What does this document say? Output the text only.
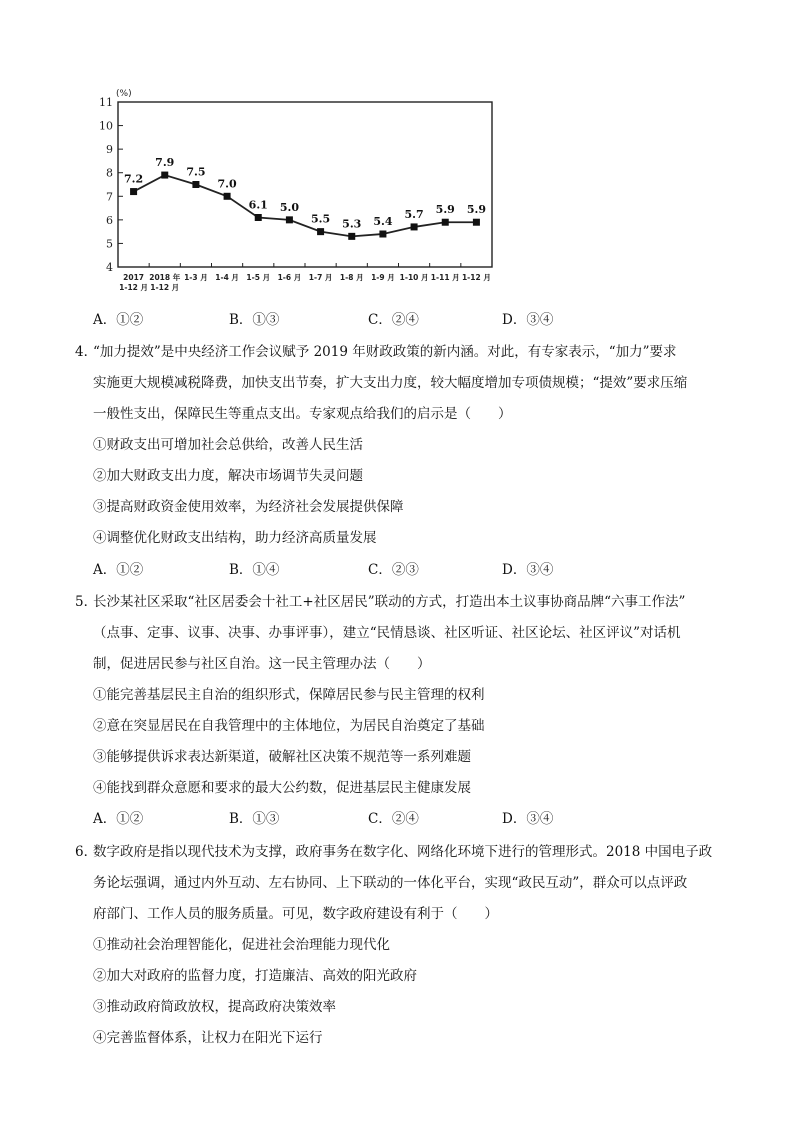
(%)
4
5
6
7
8
9
10
11
2017
1-12 月
2018 年
1-12 月
1-3 月 1-4 月 1-5 月 1-6 月 1-7 月 1-8 月 1-9 月 1-10 月 1-11 月 1-12 月
7.2
7.9
7.5
7.0
6.1 5.0
5.5 5.3 5.4
5.7 5.9 5.9
A．①②	B．①③	C．②④	D．③④
4．
“加力提效”是中央经济工作会议赋予 2019 年财政政策的新内涵。对此，有专家表示，“加力”要求
实施更大规模减税降费，加快支出节奏，扩大支出力度，较大幅度增加专项债规模；“提效”要求压缩
一般性支出，保障民生等重点支出。专家观点给我们的启示是（　　）
①财政支出可增加社会总供给，改善人民生活
②加大财政支出力度，解决市场调节失灵问题
③提高财政资金使用效率，为经济社会发展提供保障
④调整优化财政支出结构，助力经济高质量发展
A．①②	B．①④	C．②③	D．③④
5．
长沙某社区采取“社区居委会十社工+社区居民”联动的方式，打造出本土议事协商品牌“六事工作法”
（点事、定事、议事、决事、办事评事），建立“民情恳谈、社区听证、社区论坛、社区评议”对话机
制，促进居民参与社区自治。这一民主管理办法（　　）
①能完善基层民主自治的组织形式，保障居民参与民主管理的权利
②意在突显居民在自我管理中的主体地位，为居民自治奠定了基础
③能够提供诉求表达新渠道，破解社区决策不规范等一系列难题
④能找到群众意愿和要求的最大公约数，促进基层民主健康发展
A．①②	B．①③	C．②④	D．③④
6．
数字政府是指以现代技术为支撑，政府事务在数字化、网络化环境下进行的管理形式。2018 中国电子政
务论坛强调，通过内外互动、左右协同、上下联动的一体化平台，实现“政民互动”，群众可以点评政
府部门、工作人员的服务质量。可见，数字政府建设有利于（　　）
①推动社会治理智能化，促进社会治理能力现代化
②加大对政府的监督力度，打造廉洁、高效的阳光政府
③推动政府简政放权，提高政府决策效率
④完善监督体系，让权力在阳光下运行
